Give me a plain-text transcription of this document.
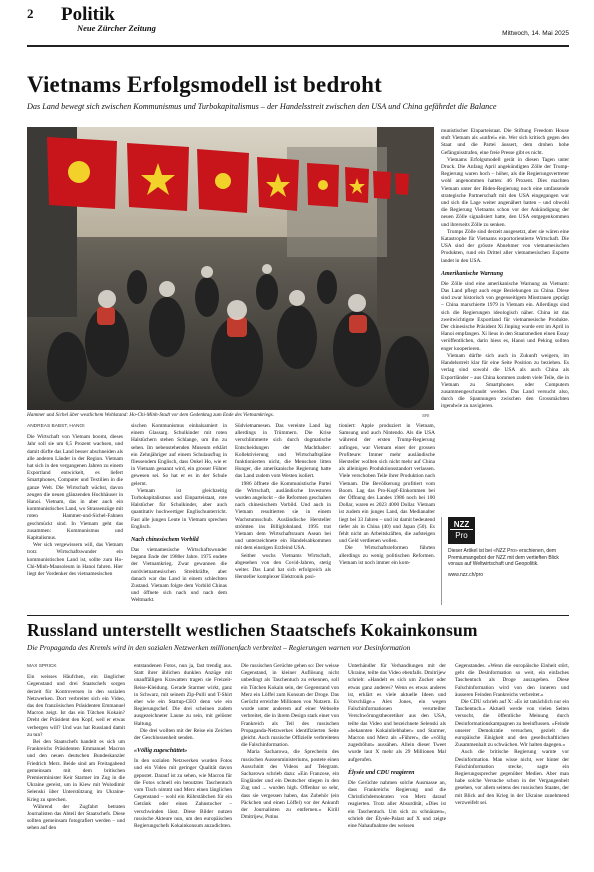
2 Politik
Neue Zürcher Zeitung
Mittwoch, 14. Mai 2025
Vietnams Erfolgsmodell ist bedroht
Das Land bewegt sich zwischen Kommunismus und Turbokapitalismus – der Handelsstreit zwischen den USA und China gefährdet die Balance
Hammer und Sichel über westlichem Wohlstand: Ho-Chi-Minh-Stadt vor dem Gedenktag zum Ende des Vietnamkriegs.	SRI

munistischer Einparteistaat. Die Stiftung Freedom House stuft Vietnam als «unfrei» ein. Wer sich kritisch gegen den Staat und die Partei äussert, dem drohen hohe Gefängnisstrafen, eine freie Presse gibt es nicht.

Vietnams Erfolgsmodell gerät in diesen Tagen unter Druck. Die Anfang April angekündigten Zölle der Trump-Regierung waren hoch – höher, als die Regierungsvertreter wohl angenommen hatten: 46 Prozent. Dies machten Vietnam unter der Biden-Regierung noch eine umfassende strategische Partnerschaft mit den USA eingegangen war und sich die Lage weiter angenähert hatten – und obwohl die Regierung Vietnams schon vor der Ankündigung der neuen Zölle signalisiert hatte, den USA entgegenkommen und ihrerseits Zölle zu senken.

Trumps Zölle sind derzeit ausgesetzt, aber sie wären eine Katastrophe für Vietnams exportorientierte Wirtschaft. Die USA sind der grösste Abnehmer von vietnamesischen Produkten, rund ein Drittel aller vietnamesischen Exporte landet in den USA.

Amerikanische Warnung

Die Zölle sind eine amerikanische Warnung an Vietnam: Das Land pflegt auch enge Beziehungen zu China. Diese sind zwar historisch von gegenseitigem Misstrauen geprägt – China marschierte 1979 in Vietnam ein. Allerdings sind sich die Regierungen ideologisch näher. China ist das zweitwichtigste Exportland für vietnamesische Produkte. Der chinesische Präsident Xi Jinping wurde erst im April in Hanoi empfangen. Xi lieus in den Staatsmedien einen Essay veröffentlichen, darin hiess es, Hanoi und Peking sollten enger kooperieren.

Vietnam dürfte sich auch in Zukunft weigern, im Handelsstreit klar für eine Seite Position zu beziehen. Es verlag sind sowohl die USA als auch China als Exportländer – aus China kommen zudem viele Teile, die in Vietnam zu Smartphones oder Computern zusammengeschraubt werden. Das Land versucht also, durch die Spannungen zwischen den Grossmächten irgendwie zu navigieren.

ANDREAS BABST, HANOI

Die Wirtschaft von Vietnam boomt, dieses Jahr soll sie um 6,5 Prozent wachsen, und damit dürfte das Land besser abschneiden als alle anderen Länder in der Region. Vietnam hat sich in den vergangenen Jahren zu einem Exportland entwickelt, es liefert Smartphones, Computer und Textilien in die ganze Welt. Die Wirtschaft wächst, davon zeugen die neuen glänzenden Hochhäuser in Hanoi. Vietnam, das in aber auch ein kommunistisches Land, wo Strassenzüge mit roten Hammer-und-Sichel-Fahnen geschmückt sind. In Vietnam geht das zusammen: Kommunismus und Kapitalismus.

Wer sich vergewissern will, das Vietnam trotz Wirtschaftswunder ein kommunistischen Land ist, sollte zum Ho-Chi-Minh-Mausoleum in Hanoi fahren. Hier liegt der Vordenker des vietnamesischen

sischen Kommunismus einbalsamiert in einem Glassarg. Schulkinder mit roten Halstüchern stehen Schlange, um ihn zu sehen. Im nebenstehenden Museum erklärt ein Zehnjähriger auf einem Schulausflug in fliessendem Englisch, dass Onkel Ho, wie er in Vietnam genannt wird, ein grosser Führer gewesen sei. So hat er es in der Schule gelernt.

Vietnam ist gleichzeitig Turbokapitalismus und Einparteistaat, rote Halstücher für Schulkinder, aber auch quantitativ hochwertiger Englischunterricht. Fast alle jungen Leute in Vietnam sprechen Englisch.

Nach chinesischem Vorbild

Das vietnamesische Wirtschaftswunder begann Ende der 1980er Jahre. 1975 endete der Vietnamkrieg. Zwar gewannen die nordvietnamesischen Streitkräfte, aber danach war das Land in einem schlechten Zustand. Vietnam folgte dem Vorbild Chinas und öffnete sich nach und nach dem Weltmarkt.

Südvietnamesen. Das vereinte Land lag allerdings in Trümmern. Die Krise verschlimmerte sich durch dogmatische Entscheidungen der Machthaber: Kollektivierung und Wirtschaftspläne funktionierten nicht, die Menschen litten Hunger, die amerikanische Regierung hatte das Land zudem vom Westen isoliert.

1986 öffnete die Kommunistische Partei die Wirtschaft, ausländische Investoren wurden angelockt – die Reformen geschahen nach chinesischem Vorbild. Und auch in Vietnam resultierten sie in einem Wachstumsschub. Ausländische Hersteller strömten ins Billiglohnland. 1995 trat Vietnam dem Wirtschaftsraum Asean bei und unterzeichnete ein Handelsabkommen mit dem einstigen Erzfeind USA.

Seither wuchs Vietnams Wirtschaft, abgesehen von den Covid-Jahren, stetig weiter. Das Land hat sich erfolgreich als Hersteller komplexer Elektronik posi-

tioniert: Apple produziert in Vietnam, Samsung und auch Nintendo. Als die USA während der ersten Trump-Regierung anfingen, war Vietnam einer der grossen Profiteure: Immer mehr ausländische Hersteller wollten sich nicht mehr auf China als alleinigen Produktionsstandort verlassen. Viele verschoben Teile ihrer Produktion nach Vietnam. Die Bevölkerung profitiert vom Boom. Lag das Pro-Kopf-Einkommen bei der Öffnung des Landes 1986 noch bei 100 Dollar, waren es 2023 4000 Dollar. Vietnam ist zudem ein junges Land, das Medianalter liegt bei 33 Jahren – und ist damit bedeutend tiefer als in China (40) und Japan (50). Es fehlt nicht an Arbeitskräften, die aufsteigen und Geld verdienen wollen.

Die Wirtschaftsreformen führten allerdings zu wenig politischen Reformen. Vietnam ist noch immer ein kom-

NZZ
Pro
Dieser Artikel ist bei «NZZ Pro» erschienen, dem Premiumangebot der NZZ mit dem vertieften Blick voraus auf Weltwirtschaft und Geopolitik.
www.nzz.ch/pro
Russland unterstellt westlichen Staatschefs Kokainkonsum
Die Propaganda des Kremls wird in den sozialen Netzwerken millionenfach verbreitet – Regierungen warnen vor Desinformation
MAX SPRICK

Ein weisses Häufchen, ein länglicher Gegenstand und drei Staatschefs sorgen derzeit für Kontroversen in den sozialen Netzwerken. Dort verbreitet sich ein Video, das den französischen Präsidenten Emmanuel Macron zeigt. Ist das ein Tütchen Kokain? Dreht der Präsident den Kopf, weil er etwas verbergen will? Und was hat Russland damit zu tun?

Bei den Staatschefs handelt es sich um Frankreichs Präsidenten Emmanuel Macron und den neuen deutschen Bundeskanzler Friedrich Merz. Beide sind am Freitagabend gemeinsam mit dem britischen Premierminister Keir Starmer im Zug in die Ukraine gereist, um in Kiew mit Wolodimir Selenski über Unterstützung im Ukraine-Krieg zu sprechen.

Während der Zugfahrt betraten Journalisten das Abteil der Staatschefs. Diese sollten gemeinsam fotografiert werden – und sehen auf den

entstandenen Fotos, nun ja, fast trendig aus. Statt ihrer üblichen dunklen Anzüge mit unauffälligen Krawatten tragen sie Freizeit-Reise-Kleidung. Gerade Starmer wirkt, ganz in Schwarz, mit seinem Zip-Pulli und T-Shirt eher wie ein Startup-CEO denn wie ein Regierungschef. Die drei scheinen zudem ausgezeichneter Laune zu sein, mit gelöster Haltung.

Die drei wollten mit der Reise ein Zeichen der Geschlossenheit senden.

«Völlig zugeschüttet»

In den sozialen Netzwerken wurden Fotos und ein Video mit geringer Qualität davon gepostet. Darauf ist zu sehen, wie Macron für die Fotos schnell ein benutztes Taschentuch vom Tisch nimmt und Merz einen länglichen Gegenstand – wohl ein Rührstäbchen für ein Getränk oder einen Zahnstocher – verschwinden lässt. Diese Bilder nutzen russische Akteure nun, um den europäischen Regierungschefs Kokainkonsum anzudichten.

Die russischen Gerüchte gehen so: Der weisse Gegenstand, in kleiner Auflösung nicht unbedingt als Taschentuch zu erkennen, soll ein Tütchen Kokain sein, der Gegenstand von Merz ein Löffel zum Konsum der Droge. Das Gerücht erreichte Millionen von Nutzern. Es wurde unter anderem auf einer Webseite verbreitet, die in ihrem Design stark einer von Frankreich als Teil des russischen Propaganda-Netzwerkes identifizierten Seite gleicht. Auch russische Offizielle verbreiteten die Falschinformation.

Maria Sacharowa, die Sprecherin des russischen Aussenministeriums, postete einen Ausschnitt des Videos auf Telegram. Sacharowa schrieb dazu: «Ein Franzose, ein Engländer und ein Deutscher stiegen in den Zug und ... wurden high. Offenbar so sehr, dass sie vergessen haben, das Zubehör (ein Päckchen und einen Löffel) vor der Ankunft der Journalisten zu entfernen.» Kirill Dmitrijew, Putins

Unterhändler für Verhandlungen mit der Ukraine, teilte das Video ebenfalls. Dmitrijew schrieb: «Handelt es sich um Zucker oder etwas ganz anderes? Wenn es etwas anderes ist, erklärt es viele aktuelle Ideen und Vorschläge.» Alex Jones, ein wegen Falschinformationen verurteilter Verschwörungstheoretiker aus den USA, teilte das Video und bezeichnete Selenski als «bekannten Kokainliebhaber» und Starmer, Macron und Merz als «Führer», die «völlig zugedröhnt» aussähen. Allein dieser Tweet wurde laut X mehr als 29 Millionen Mal aufgerufen.

Élysée und CDU reagieren

Die Gerüchte nahmen solche Ausmasse an, dass Frankreichs Regierung und die Christlichdemokraten von Merz darauf reagierten. Trotz aller Absurdität, «Dies ist ein Taschentuch. Um sich zu schnäuzen», schrieb der Élysée-Palast auf X und zeigte eine Nahaufnahme des weissen

Gegenstandes. «Wenn die europäische Einheit stört, geht die Desinformation so weit, ein einfaches Taschentuch als Droge auszugeben. Diese Falschinformation wird von den inneren und äusseren Feinden Frankreichs verbreitet.»

Die CDU schrieb auf X: «Es ist tatsächlich nur ein Taschentuch.» Aktuell werde von vielen Seiten versucht, die öffentliche Meinung durch Desinformationskampagnen zu beeinflussen. «Feinde unserer Demokratie versuchen, gezielt die europäische Einigkeit und den gesellschaftlichen Zusammenhalt zu schwächen. Wir halten dagegen.»

Auch die britische Regierung warnte vor Desinformation. Man wisse nicht, wer hinter der Falschinformation stecke, sagte ein Regierungssprecher gegenüber Medien. Aber man habe solche Versuche schon in der Vergangenheit gesehen, vor allem seitens des russischen Staates, der mit Blick auf den Krieg in der Ukraine zunehmend verzweifelt sei.
